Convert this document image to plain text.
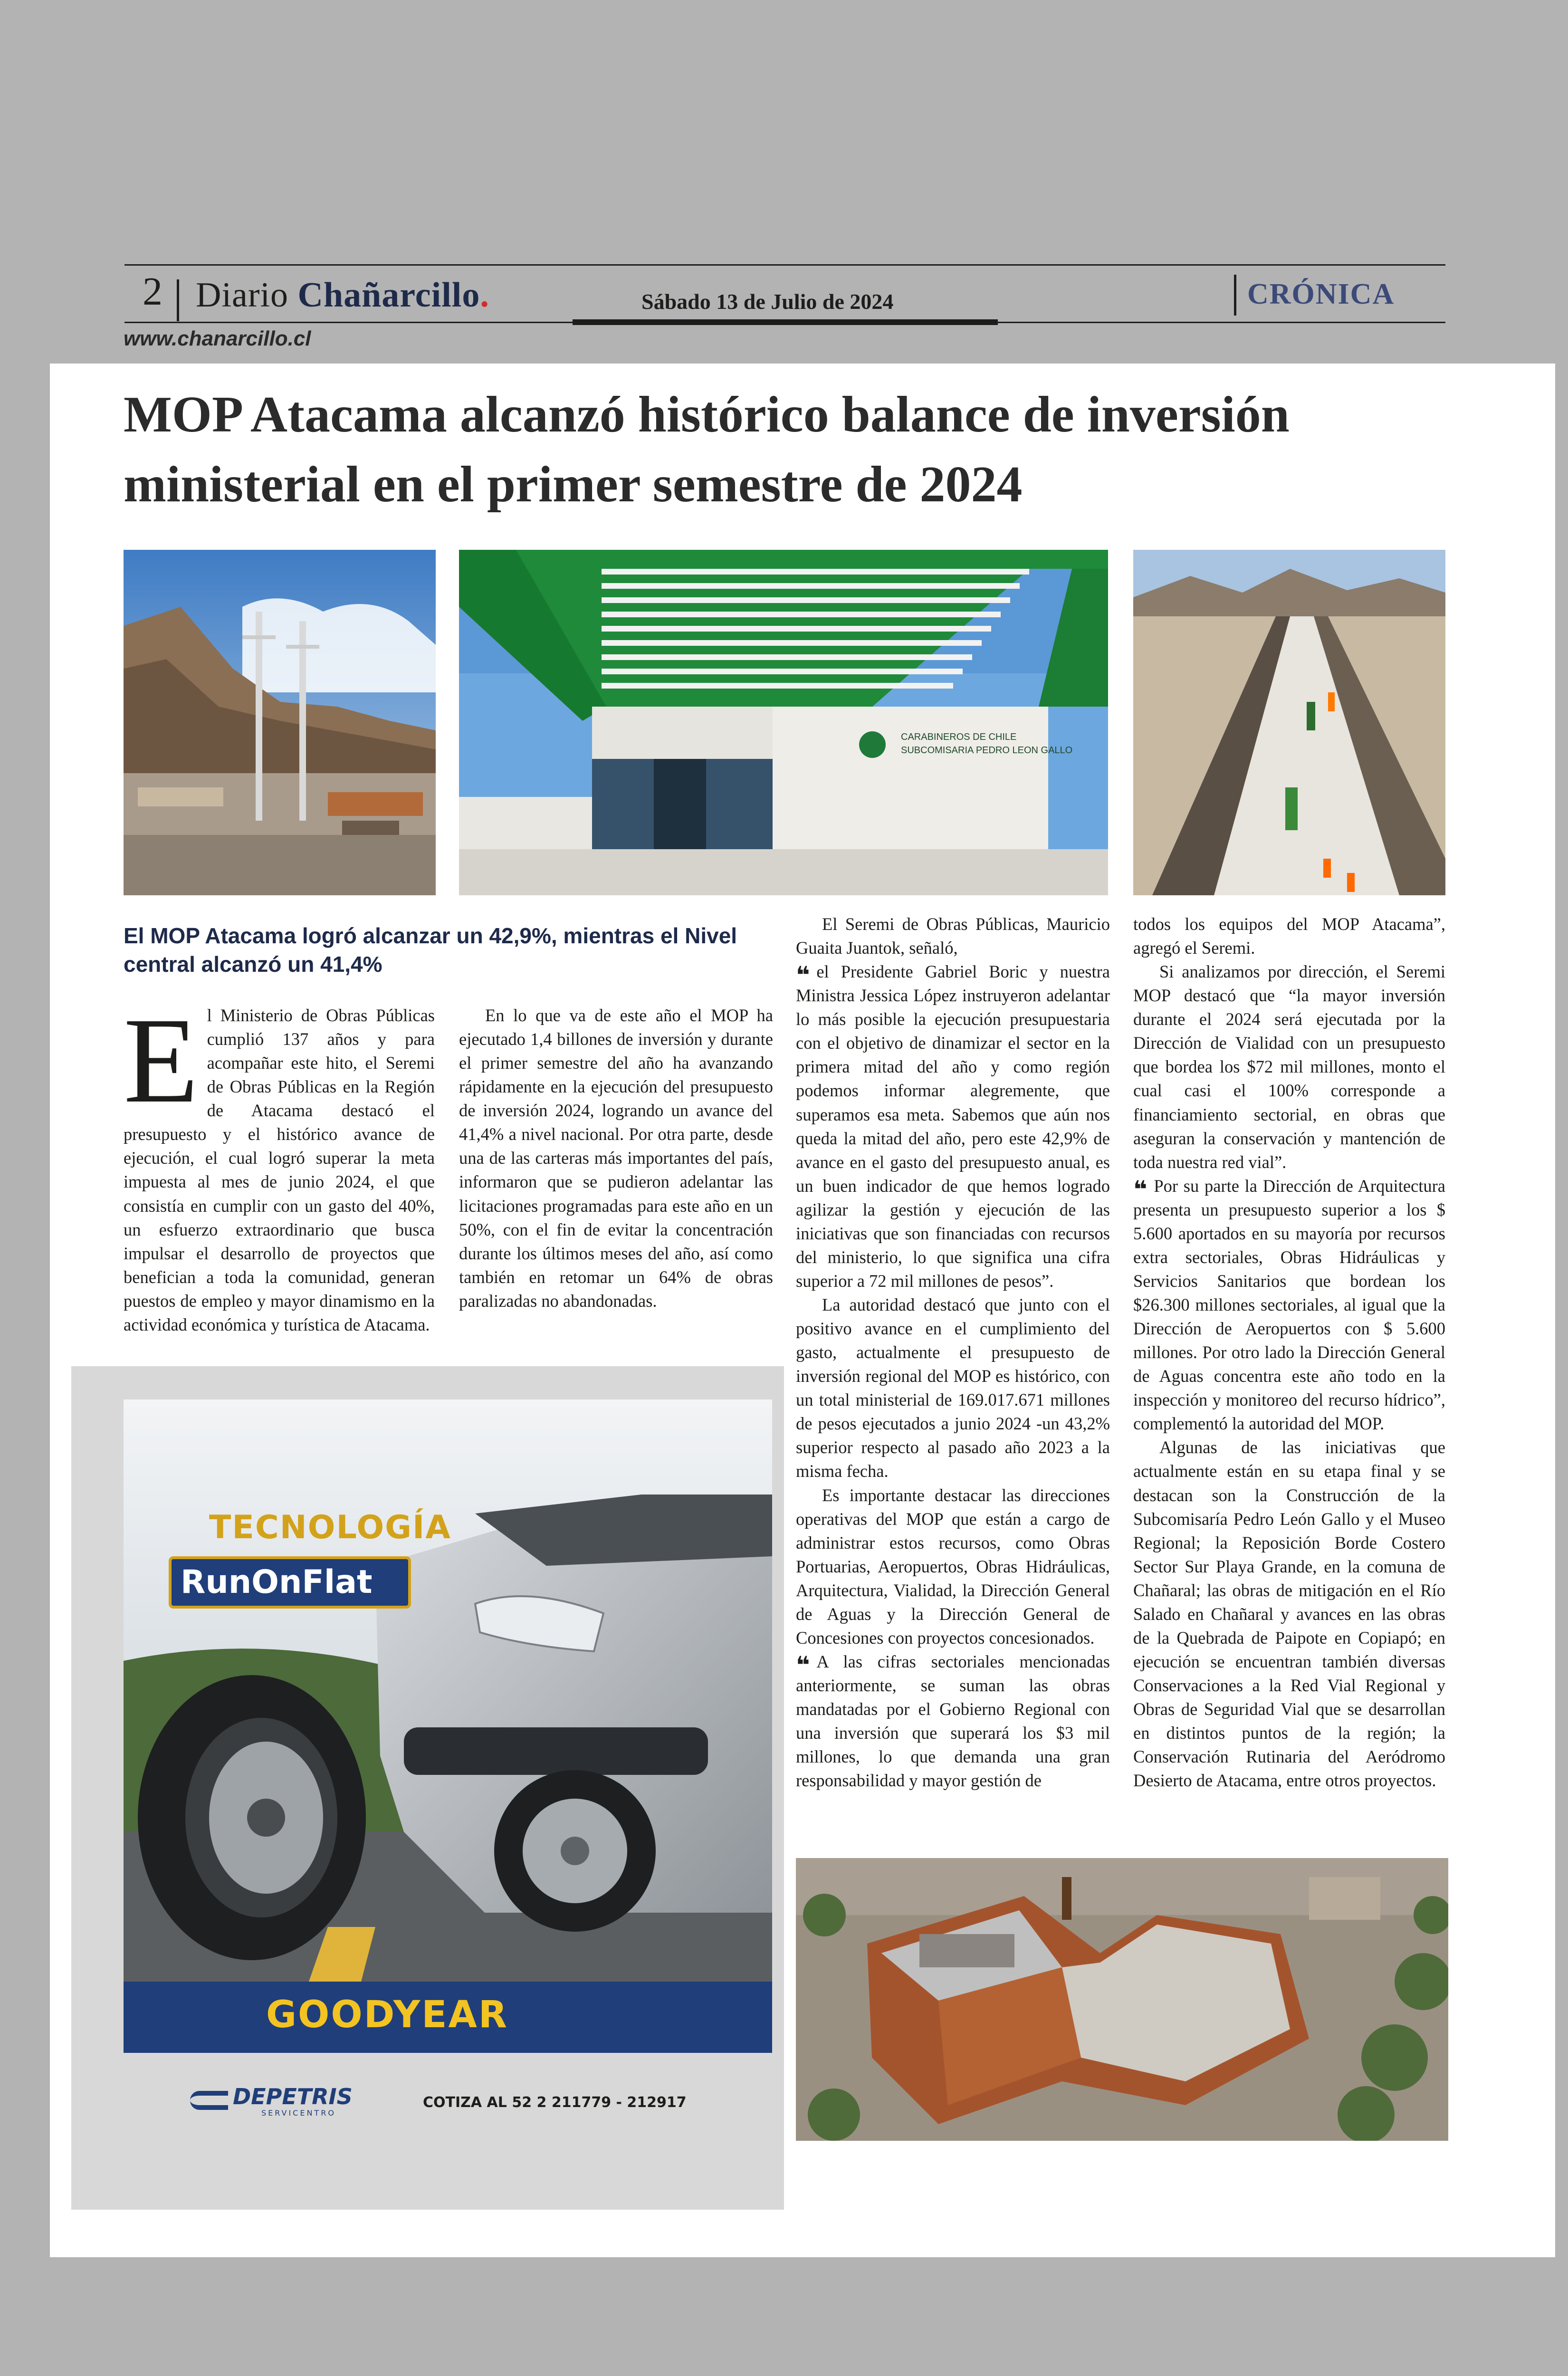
2 Diario Chañarcillo.	Sábado 13 de Julio de 2024	CRÓNICA
www.chanarcillo.cl
MOP Atacama alcanzó histórico balance de inversión ministerial en el primer semestre de 2024
CARABINEROS DE CHILE
SUBCOMISARIA PEDRO LEON GALLO
El MOP Atacama logró alcanzar un 42,9%, mientras el Nivel central alcanzó un 41,4%

El Ministerio de Obras Públicas cumplió 137 años y para acompañar este hito, el Seremi de Obras Públicas en la Región de Atacama destacó el presupuesto y el histórico avance de ejecución, el cual logró superar la meta impuesta al mes de junio 2024, el que consistía en cumplir con un gasto del 40%, un esfuerzo extraordinario que busca impulsar el desarrollo de proyectos que benefician a toda la comunidad, generan puestos de empleo y mayor dinamismo en la actividad económica y turística de Atacama.

En lo que va de este año el MOP ha ejecutado 1,4 billones de inversión y durante el primer semestre del año ha avanzando rápidamente en la ejecución del presupuesto de inversión 2024, logrando un avance del 41,4% a nivel nacional. Por otra parte, desde una de las carteras más importantes del país, informaron que se pudieron adelantar las licitaciones programadas para este año en un 50%, con el fin de evitar la concentración durante los últimos meses del año, así como también en retomar un 64% de obras paralizadas no abandonadas.

El Seremi de Obras Públicas, Mauricio Guaita Juantok, señaló,

❝ el Presidente Gabriel Boric y nuestra Ministra Jessica López instruyeron adelantar lo más posible la ejecución presupuestaria con el objetivo de dinamizar el sector en la primera mitad del año y como región podemos informar alegremente, que superamos esa meta. Sabemos que aún nos queda la mitad del año, pero este 42,9% de avance en el gasto del presupuesto anual, es un buen indicador de que hemos logrado agilizar la gestión y ejecución de las iniciativas que son financiadas con recursos del ministerio, lo que significa una cifra superior a 72 mil millones de pesos”.

La autoridad destacó que junto con el positivo avance en el cumplimiento del gasto, actualmente el presupuesto de inversión regional del MOP es histórico, con un total ministerial de 169.017.671 millones de pesos ejecutados a junio 2024 -un 43,2% superior respecto al pasado año 2023 a la misma fecha.

Es importante destacar las direcciones operativas del MOP que están a cargo de administrar estos recursos, como Obras Portuarias, Aeropuertos, Obras Hidráulicas, Arquitectura, Vialidad, la Dirección General de Aguas y la Dirección General de Concesiones con proyectos concesionados.

❝ A las cifras sectoriales mencionadas anteriormente, se suman las obras mandatadas por el Gobierno Regional con una inversión que superará los $3 mil millones, lo que demanda una gran responsabilidad y mayor gestión de

todos los equipos del MOP Atacama”, agregó el Seremi.

Si analizamos por dirección, el Seremi MOP destacó que “la mayor inversión durante el 2024 será ejecutada por la Dirección de Vialidad con un presupuesto que bordea los $72 mil millones, monto el cual casi el 100% corresponde a financiamiento sectorial, en obras que aseguran la conservación y mantención de toda nuestra red vial”.

❝ Por su parte la Dirección de Arquitectura presenta un presupuesto superior a los $ 5.600 aportados en su mayoría por recursos extra sectoriales, Obras Hidráulicas y Servicios Sanitarios que bordean los $26.300 millones sectoriales, al igual que la Dirección de Aeropuertos con $ 5.600 millones. Por otro lado la Dirección General de Aguas concentra este año todo en la inspección y monitoreo del recurso hídrico”, complementó la autoridad del MOP.

Algunas de las iniciativas que actualmente están en su etapa final y se destacan son la Construcción de la Subcomisaría Pedro León Gallo y el Museo Regional; la Reposición Borde Costero Sector Sur Playa Grande, en la comuna de Chañaral; las obras de mitigación en el Río Salado en Chañaral y avances en las obras de la Quebrada de Paipote en Copiapó; en ejecución se encuentran también diversas Conservaciones a la Red Vial Regional y Obras de Seguridad Vial que se desarrollan en distintos puntos de la región; la Conservación Rutinaria del Aeródromo Desierto de Atacama, entre otros proyectos.

TECNOLOGÍA
RunOnFlat
GOODYEAR
DEPETRIS
SERVICENTRO
COTIZA AL 52 2 211779 - 212917
